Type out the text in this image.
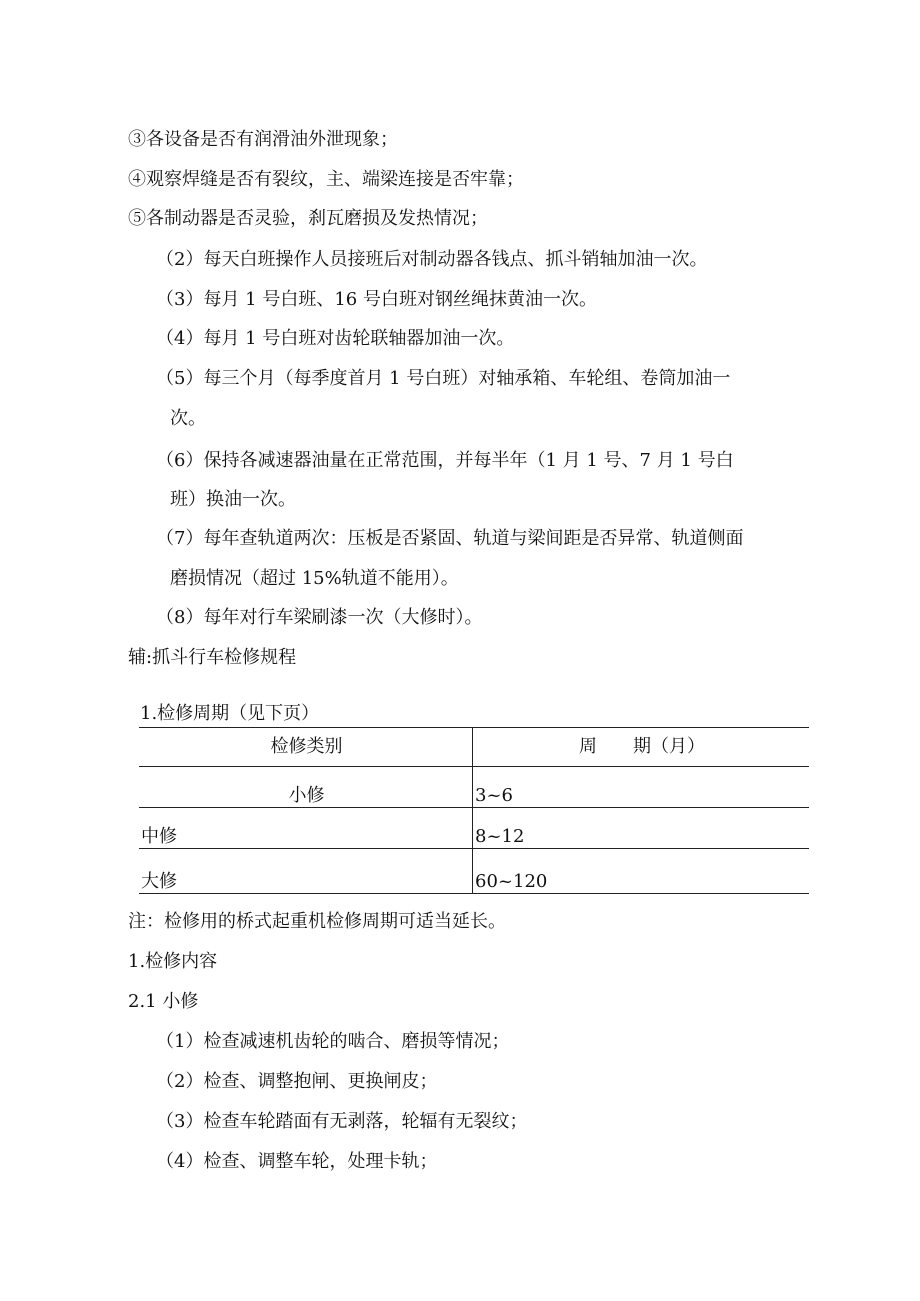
③各设备是否有润滑油外泄现象；
④观察焊缝是否有裂纹，主、端梁连接是否牢靠；
⑤各制动器是否灵验，刹瓦磨损及发热情况；
（2）每天白班操作人员接班后对制动器各钱点、抓斗销轴加油一次。
（3）每月 1 号白班、16 号白班对钢丝绳抹黄油一次。
（4）每月 1 号白班对齿轮联轴器加油一次。
（5）每三个月（每季度首月 1 号白班）对轴承箱、车轮组、卷筒加油一
次。
（6）保持各减速器油量在正常范围，并每半年（1 月 1 号、7 月 1 号白
班）换油一次。
（7）每年查轨道两次：压板是否紧固、轨道与梁间距是否异常、轨道侧面
磨损情况（超过 15%轨道不能用）。
（8）每年对行车梁刷漆一次（大修时）。
辅:抓斗行车检修规程
1.检修周期（见下页）
检修类别	周　　期（月）
小修	3~6
中修	8~12
大修	60~120
注：检修用的桥式起重机检修周期可适当延长。
1.检修内容
2.1 小修
（1）检查减速机齿轮的啮合、磨损等情况；
（2）检查、调整抱闸、更换闸皮；
（3）检查车轮踏面有无剥落，轮辐有无裂纹；
（4）检查、调整车轮，处理卡轨；
